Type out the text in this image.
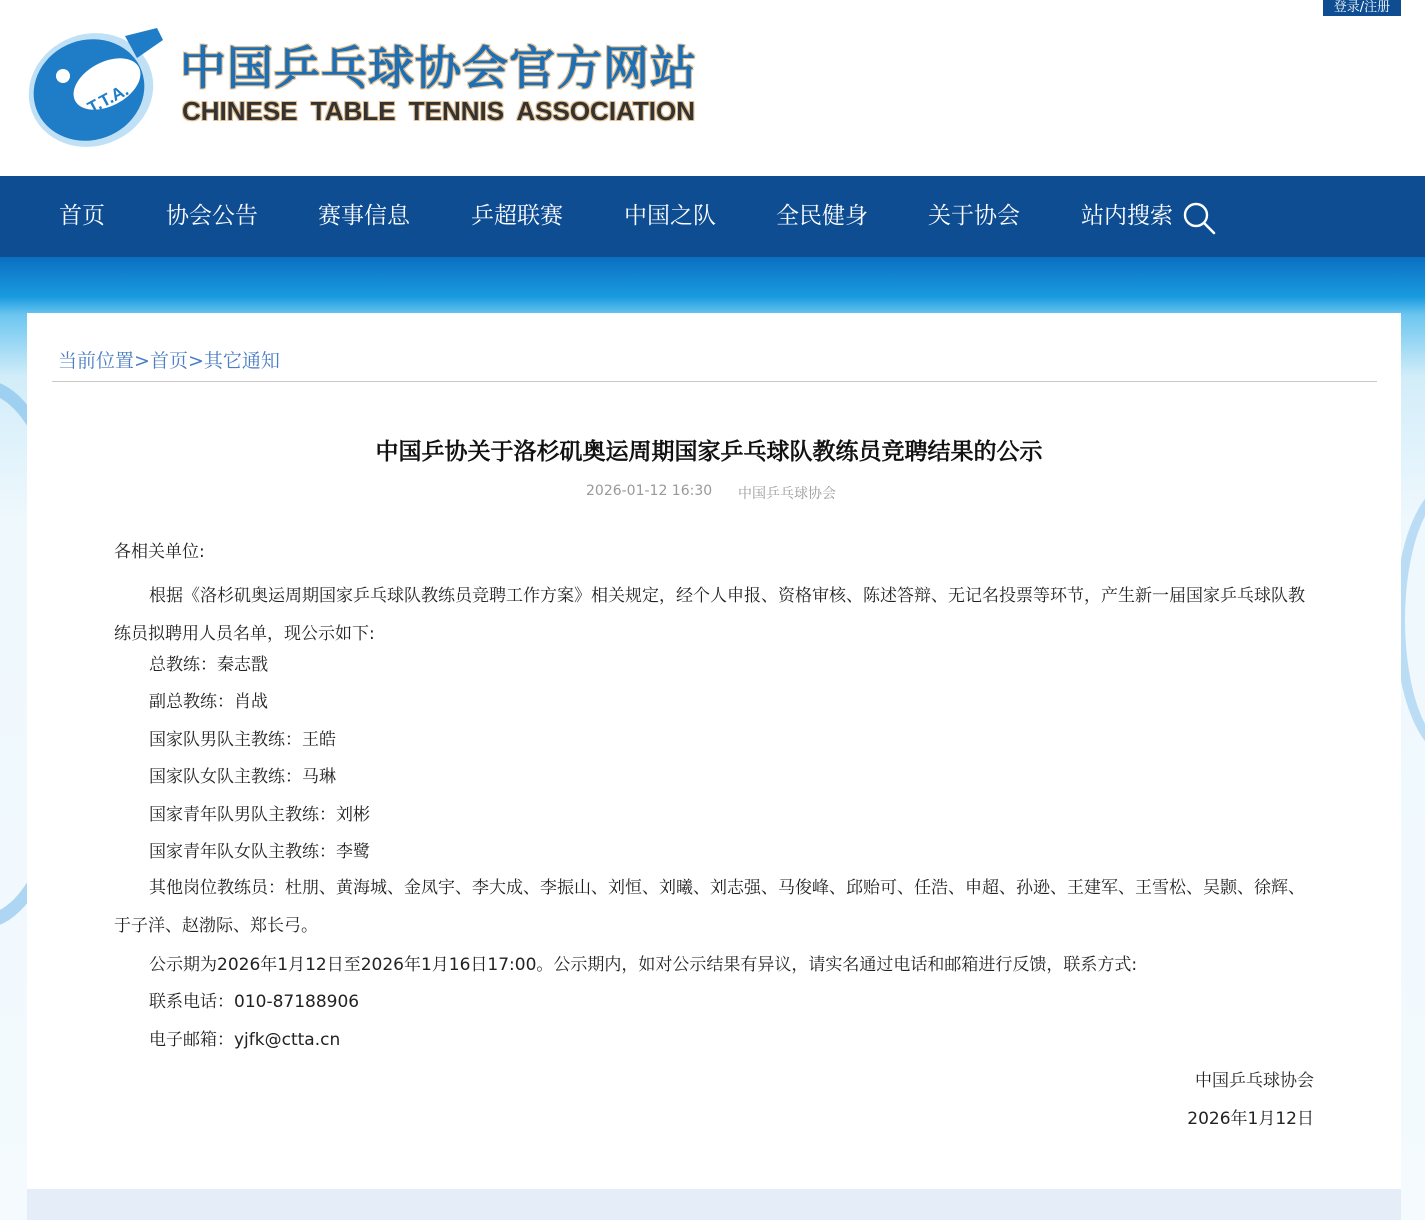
登录/注册
T.T.A.
中国乒乓球协会官方网站
CHINESE TABLE TENNIS ASSOCIATION
首页	协会公告	赛事信息	乒超联赛	中国之队	全民健身	关于协会	站内搜索
当前位置>首页>其它通知
中国乒协关于洛杉矶奥运周期国家乒乓球队教练员竞聘结果的公示
2026-01-12 16:30 中国乒乓球协会
各相关单位:
根据《洛杉矶奥运周期国家乒乓球队教练员竞聘工作方案》相关规定，经个人申报、资格审核、陈述答辩、无记名投票等环节，产生新一届国家乒乓球队教练员拟聘用人员名单，现公示如下:
总教练：秦志戬
副总教练：肖战
国家队男队主教练：王皓
国家队女队主教练：马琳
国家青年队男队主教练：刘彬
国家青年队女队主教练：李鹭
其他岗位教练员：杜朋、黄海城、金凤宇、李大成、李振山、刘恒、刘曦、刘志强、马俊峰、邱贻可、任浩、申超、孙逊、王建军、王雪松、吴颢、徐辉、于子洋、赵渤际、郑长弓。
公示期为2026年1月12日至2026年1月16日17:00。公示期内，如对公示结果有异议，请实名通过电话和邮箱进行反馈，联系方式:
联系电话：010-87188906
电子邮箱：yjfk@ctta.cn
中国乒乓球协会
2026年1月12日
